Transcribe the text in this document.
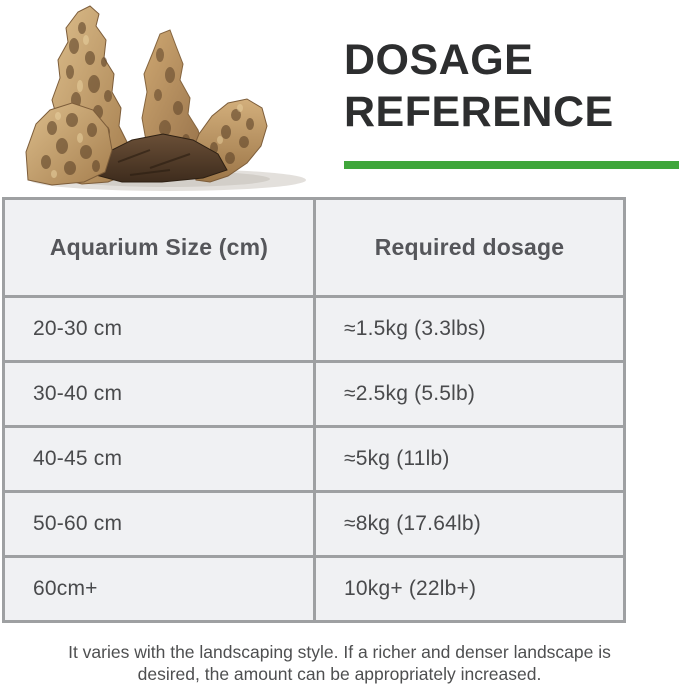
DOSAGE REFERENCE
Aquarium Size (cm)	Required dosage
20-30 cm	≈1.5kg (3.3lbs)
30-40 cm	≈2.5kg (5.5lb)
40-45 cm	≈5kg (11lb)
50-60 cm	≈8kg (17.64lb)
60cm+	10kg+ (22lb+)
It varies with the landscaping style. If a richer and denser landscape is
desired, the amount can be appropriately increased.
